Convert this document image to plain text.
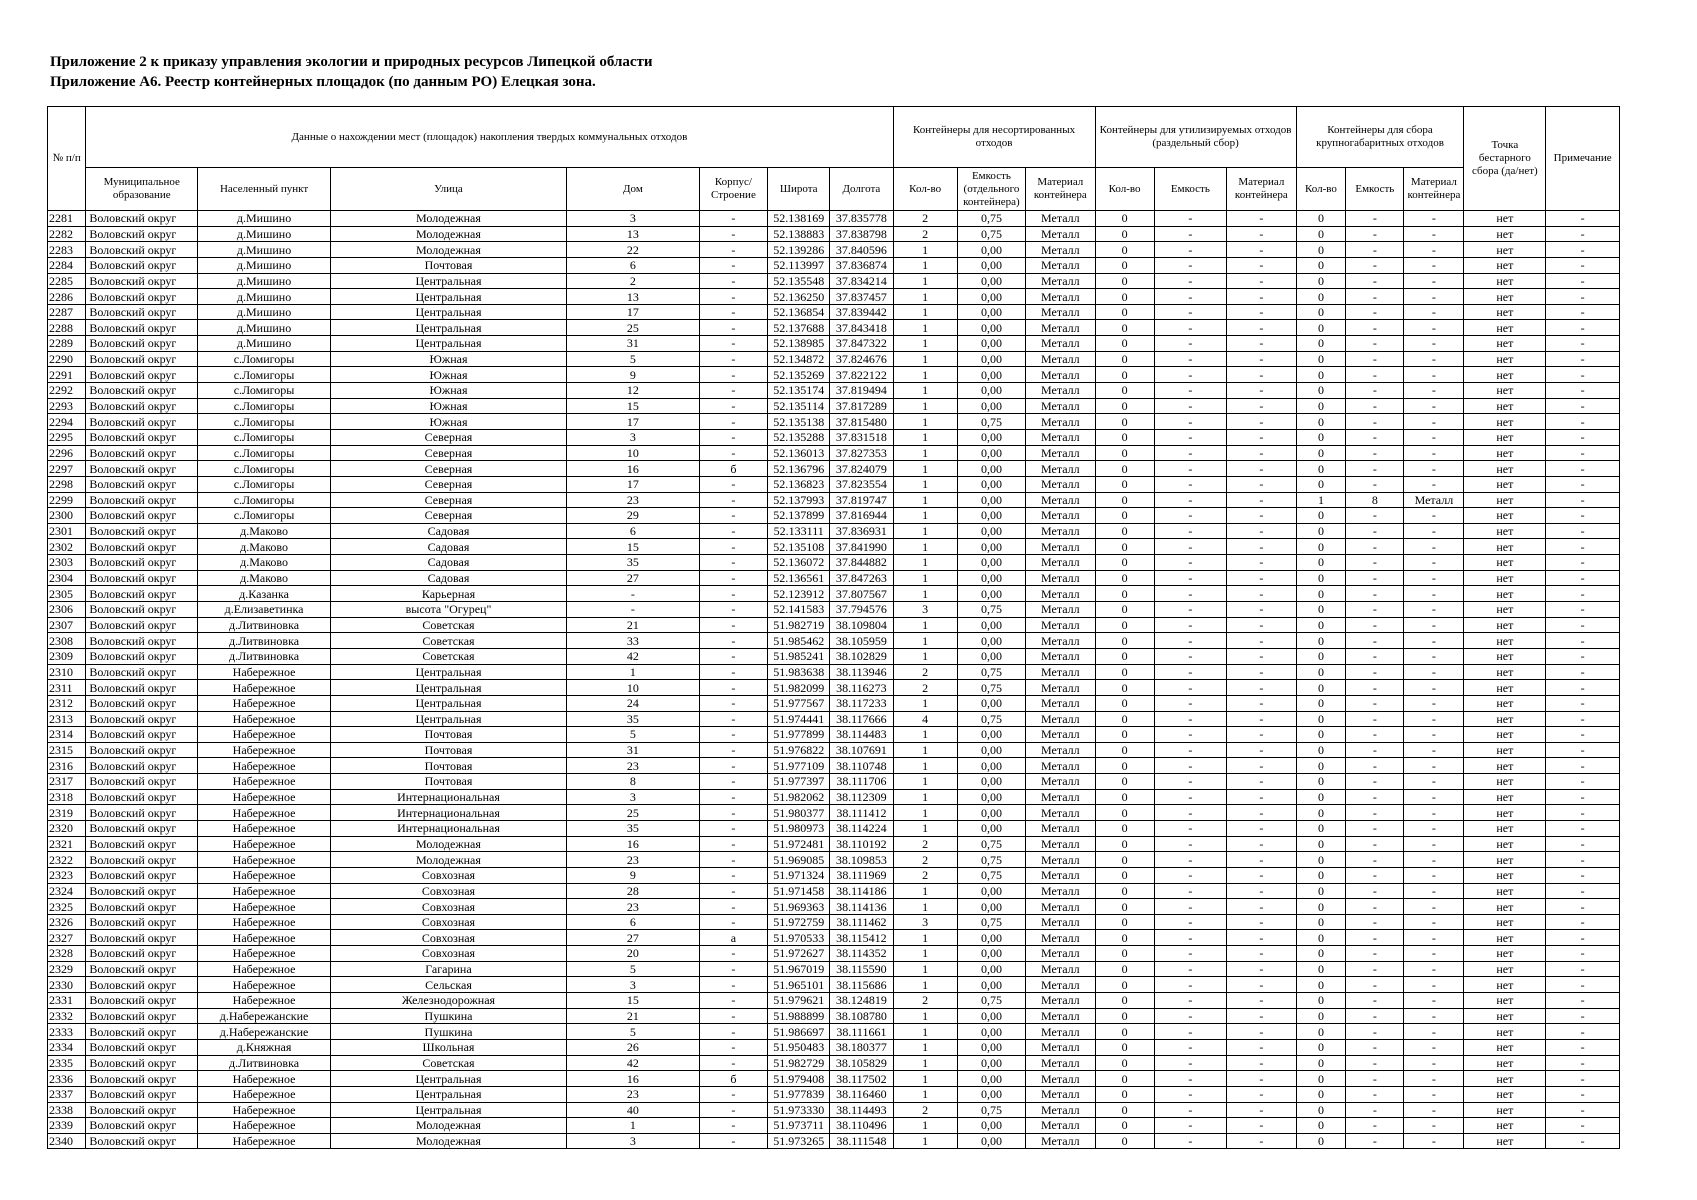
Приложение 2 к приказу управления экологии и природных ресурсов Липецкой области
Приложение А6. Реестр контейнерных площадок (по данным РО) Елецкая зона.
№ п/п	Данные о нахождении мест (площадок) накопления твердых коммунальных отходов							Контейнеры для несортированных отходов			Контейнеры для утилизируемых отходов (раздельный сбор)			Контейнеры для сбора крупногабаритных отходов			Точка бестарного сбора (да/нет)	Примечание
	Муниципальное образование	Населенный пункт	Улица	Дом	Корпус/ Строение	Широта	Долгота	Кол-во	Емкость (отдельного контейнера)	Материал контейнера	Кол-во	Емкость	Материал контейнера	Кол-во	Емкость	Материал контейнера		
2281	Воловский округ	д.Мишино	Молодежная	3	-	52.138169	37.835778	2	0,75	Металл	0	-	-	0	-	-	нет	-
2282	Воловский округ	д.Мишино	Молодежная	13	-	52.138883	37.838798	2	0,75	Металл	0	-	-	0	-	-	нет	-
2283	Воловский округ	д.Мишино	Молодежная	22	-	52.139286	37.840596	1	0,00	Металл	0	-	-	0	-	-	нет	-
2284	Воловский округ	д.Мишино	Почтовая	6	-	52.113997	37.836874	1	0,00	Металл	0	-	-	0	-	-	нет	-
2285	Воловский округ	д.Мишино	Центральная	2	-	52.135548	37.834214	1	0,00	Металл	0	-	-	0	-	-	нет	-
2286	Воловский округ	д.Мишино	Центральная	13	-	52.136250	37.837457	1	0,00	Металл	0	-	-	0	-	-	нет	-
2287	Воловский округ	д.Мишино	Центральная	17	-	52.136854	37.839442	1	0,00	Металл	0	-	-	0	-	-	нет	-
2288	Воловский округ	д.Мишино	Центральная	25	-	52.137688	37.843418	1	0,00	Металл	0	-	-	0	-	-	нет	-
2289	Воловский округ	д.Мишино	Центральная	31	-	52.138985	37.847322	1	0,00	Металл	0	-	-	0	-	-	нет	-
2290	Воловский округ	с.Ломигоры	Южная	5	-	52.134872	37.824676	1	0,00	Металл	0	-	-	0	-	-	нет	-
2291	Воловский округ	с.Ломигоры	Южная	9	-	52.135269	37.822122	1	0,00	Металл	0	-	-	0	-	-	нет	-
2292	Воловский округ	с.Ломигоры	Южная	12	-	52.135174	37.819494	1	0,00	Металл	0	-	-	0	-	-	нет	-
2293	Воловский округ	с.Ломигоры	Южная	15	-	52.135114	37.817289	1	0,00	Металл	0	-	-	0	-	-	нет	-
2294	Воловский округ	с.Ломигоры	Южная	17	-	52.135138	37.815480	1	0,75	Металл	0	-	-	0	-	-	нет	-
2295	Воловский округ	с.Ломигоры	Северная	3	-	52.135288	37.831518	1	0,00	Металл	0	-	-	0	-	-	нет	-
2296	Воловский округ	с.Ломигоры	Северная	10	-	52.136013	37.827353	1	0,00	Металл	0	-	-	0	-	-	нет	-
2297	Воловский округ	с.Ломигоры	Северная	16	б	52.136796	37.824079	1	0,00	Металл	0	-	-	0	-	-	нет	-
2298	Воловский округ	с.Ломигоры	Северная	17	-	52.136823	37.823554	1	0,00	Металл	0	-	-	0	-	-	нет	-
2299	Воловский округ	с.Ломигоры	Северная	23	-	52.137993	37.819747	1	0,00	Металл	0	-	-	1	8	Металл	нет	-
2300	Воловский округ	с.Ломигоры	Северная	29	-	52.137899	37.816944	1	0,00	Металл	0	-	-	0	-	-	нет	-
2301	Воловский округ	д.Маково	Садовая	6	-	52.133111	37.836931	1	0,00	Металл	0	-	-	0	-	-	нет	-
2302	Воловский округ	д.Маково	Садовая	15	-	52.135108	37.841990	1	0,00	Металл	0	-	-	0	-	-	нет	-
2303	Воловский округ	д.Маково	Садовая	35	-	52.136072	37.844882	1	0,00	Металл	0	-	-	0	-	-	нет	-
2304	Воловский округ	д.Маково	Садовая	27	-	52.136561	37.847263	1	0,00	Металл	0	-	-	0	-	-	нет	-
2305	Воловский округ	д.Казанка	Карьерная	-	-	52.123912	37.807567	1	0,00	Металл	0	-	-	0	-	-	нет	-
2306	Воловский округ	д.Елизаветинка	высота "Огурец"	-	-	52.141583	37.794576	3	0,75	Металл	0	-	-	0	-	-	нет	-
2307	Воловский округ	д.Литвиновка	Советская	21	-	51.982719	38.109804	1	0,00	Металл	0	-	-	0	-	-	нет	-
2308	Воловский округ	д.Литвиновка	Советская	33	-	51.985462	38.105959	1	0,00	Металл	0	-	-	0	-	-	нет	-
2309	Воловский округ	д.Литвиновка	Советская	42	-	51.985241	38.102829	1	0,00	Металл	0	-	-	0	-	-	нет	-
2310	Воловский округ	Набережное	Центральная	1	-	51.983638	38.113946	2	0,75	Металл	0	-	-	0	-	-	нет	-
2311	Воловский округ	Набережное	Центральная	10	-	51.982099	38.116273	2	0,75	Металл	0	-	-	0	-	-	нет	-
2312	Воловский округ	Набережное	Центральная	24	-	51.977567	38.117233	1	0,00	Металл	0	-	-	0	-	-	нет	-
2313	Воловский округ	Набережное	Центральная	35	-	51.974441	38.117666	4	0,75	Металл	0	-	-	0	-	-	нет	-
2314	Воловский округ	Набережное	Почтовая	5	-	51.977899	38.114483	1	0,00	Металл	0	-	-	0	-	-	нет	-
2315	Воловский округ	Набережное	Почтовая	31	-	51.976822	38.107691	1	0,00	Металл	0	-	-	0	-	-	нет	-
2316	Воловский округ	Набережное	Почтовая	23	-	51.977109	38.110748	1	0,00	Металл	0	-	-	0	-	-	нет	-
2317	Воловский округ	Набережное	Почтовая	8	-	51.977397	38.111706	1	0,00	Металл	0	-	-	0	-	-	нет	-
2318	Воловский округ	Набережное	Интернациональная	3	-	51.982062	38.112309	1	0,00	Металл	0	-	-	0	-	-	нет	-
2319	Воловский округ	Набережное	Интернациональная	25	-	51.980377	38.111412	1	0,00	Металл	0	-	-	0	-	-	нет	-
2320	Воловский округ	Набережное	Интернациональная	35	-	51.980973	38.114224	1	0,00	Металл	0	-	-	0	-	-	нет	-
2321	Воловский округ	Набережное	Молодежная	16	-	51.972481	38.110192	2	0,75	Металл	0	-	-	0	-	-	нет	-
2322	Воловский округ	Набережное	Молодежная	23	-	51.969085	38.109853	2	0,75	Металл	0	-	-	0	-	-	нет	-
2323	Воловский округ	Набережное	Совхозная	9	-	51.971324	38.111969	2	0,75	Металл	0	-	-	0	-	-	нет	-
2324	Воловский округ	Набережное	Совхозная	28	-	51.971458	38.114186	1	0,00	Металл	0	-	-	0	-	-	нет	-
2325	Воловский округ	Набережное	Совхозная	23	-	51.969363	38.114136	1	0,00	Металл	0	-	-	0	-	-	нет	-
2326	Воловский округ	Набережное	Совхозная	6	-	51.972759	38.111462	3	0,75	Металл	0	-	-	0	-	-	нет	-
2327	Воловский округ	Набережное	Совхозная	27	а	51.970533	38.115412	1	0,00	Металл	0	-	-	0	-	-	нет	-
2328	Воловский округ	Набережное	Совхозная	20	-	51.972627	38.114352	1	0,00	Металл	0	-	-	0	-	-	нет	-
2329	Воловский округ	Набережное	Гагарина	5	-	51.967019	38.115590	1	0,00	Металл	0	-	-	0	-	-	нет	-
2330	Воловский округ	Набережное	Сельская	3	-	51.965101	38.115686	1	0,00	Металл	0	-	-	0	-	-	нет	-
2331	Воловский округ	Набережное	Железнодорожная	15	-	51.979621	38.124819	2	0,75	Металл	0	-	-	0	-	-	нет	-
2332	Воловский округ	д.Набережанские	Пушкина	21	-	51.988899	38.108780	1	0,00	Металл	0	-	-	0	-	-	нет	-
2333	Воловский округ	д.Набережанские	Пушкина	5	-	51.986697	38.111661	1	0,00	Металл	0	-	-	0	-	-	нет	-
2334	Воловский округ	д.Княжная	Школьная	26	-	51.950483	38.180377	1	0,00	Металл	0	-	-	0	-	-	нет	-
2335	Воловский округ	д.Литвиновка	Советская	42	-	51.982729	38.105829	1	0,00	Металл	0	-	-	0	-	-	нет	-
2336	Воловский округ	Набережное	Центральная	16	б	51.979408	38.117502	1	0,00	Металл	0	-	-	0	-	-	нет	-
2337	Воловский округ	Набережное	Центральная	23	-	51.977839	38.116460	1	0,00	Металл	0	-	-	0	-	-	нет	-
2338	Воловский округ	Набережное	Центральная	40	-	51.973330	38.114493	2	0,75	Металл	0	-	-	0	-	-	нет	-
2339	Воловский округ	Набережное	Молодежная	1	-	51.973711	38.110496	1	0,00	Металл	0	-	-	0	-	-	нет	-
2340	Воловский округ	Набережное	Молодежная	3	-	51.973265	38.111548	1	0,00	Металл	0	-	-	0	-	-	нет	-
